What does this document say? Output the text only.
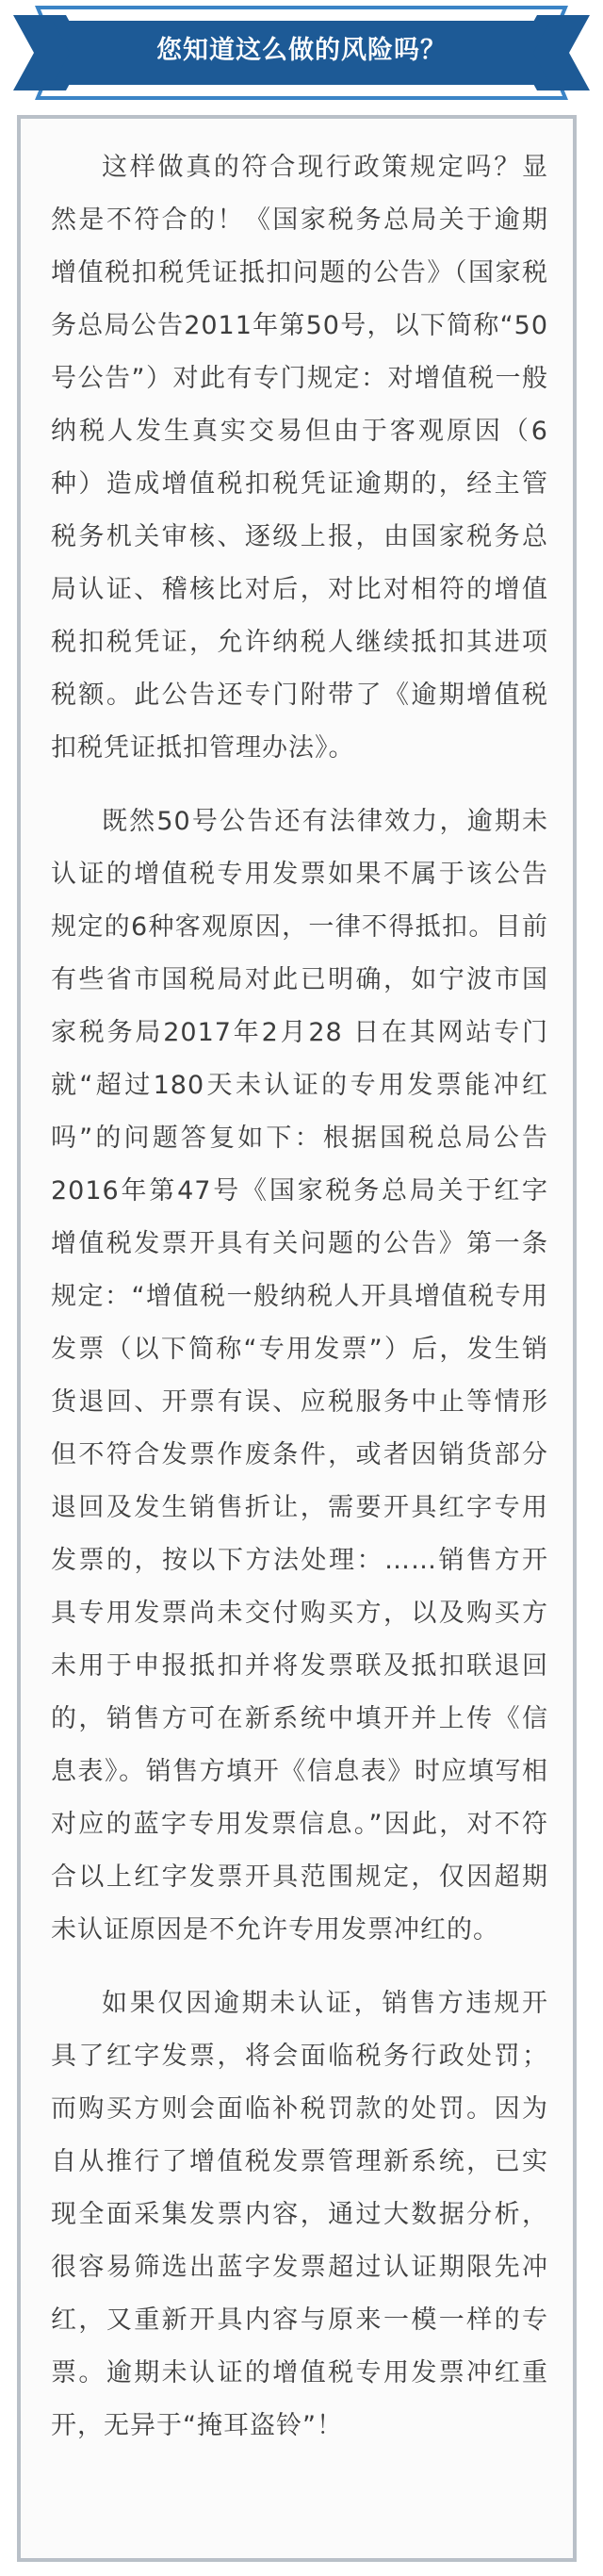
您知道这么做的风险吗？

这样做真的符合现行政策规定吗？显然是不符合的！《国家税务总局关于逾期增值税扣税凭证抵扣问题的公告》（国家税务总局公告2011年第50号，以下简称“50号公告”）对此有专门规定：对增值税一般纳税人发生真实交易但由于客观原因（6种）造成增值税扣税凭证逾期的，经主管税务机关审核、逐级上报，由国家税务总局认证、稽核比对后，对比对相符的增值税扣税凭证，允许纳税人继续抵扣其进项税额。此公告还专门附带了《逾期增值税扣税凭证抵扣管理办法》。

既然50号公告还有法律效力，逾期未认证的增值税专用发票如果不属于该公告规定的6种客观原因，一律不得抵扣。目前有些省市国税局对此已明确，如宁波市国家税务局2017年2月28 日在其网站专门就“超过180天未认证的专用发票能冲红吗”的问题答复如下：根据国税总局公告2016年第47号《国家税务总局关于红字增值税发票开具有关问题的公告》第一条规定：“增值税一般纳税人开具增值税专用发票（以下简称“专用发票”）后，发生销货退回、开票有误、应税服务中止等情形但不符合发票作废条件，或者因销货部分退回及发生销售折让，需要开具红字专用发票的，按以下方法处理：……销售方开具专用发票尚未交付购买方，以及购买方未用于申报抵扣并将发票联及抵扣联退回的，销售方可在新系统中填开并上传《信息表》。销售方填开《信息表》时应填写相对应的蓝字专用发票信息。”因此，对不符合以上红字发票开具范围规定，仅因超期未认证原因是不允许专用发票冲红的。

如果仅因逾期未认证，销售方违规开具了红字发票，将会面临税务行政处罚；而购买方则会面临补税罚款的处罚。因为自从推行了增值税发票管理新系统，已实现全面采集发票内容，通过大数据分析，很容易筛选出蓝字发票超过认证期限先冲红，又重新开具内容与原来一模一样的专票。逾期未认证的增值税专用发票冲红重开，无异于“掩耳盗铃”！
